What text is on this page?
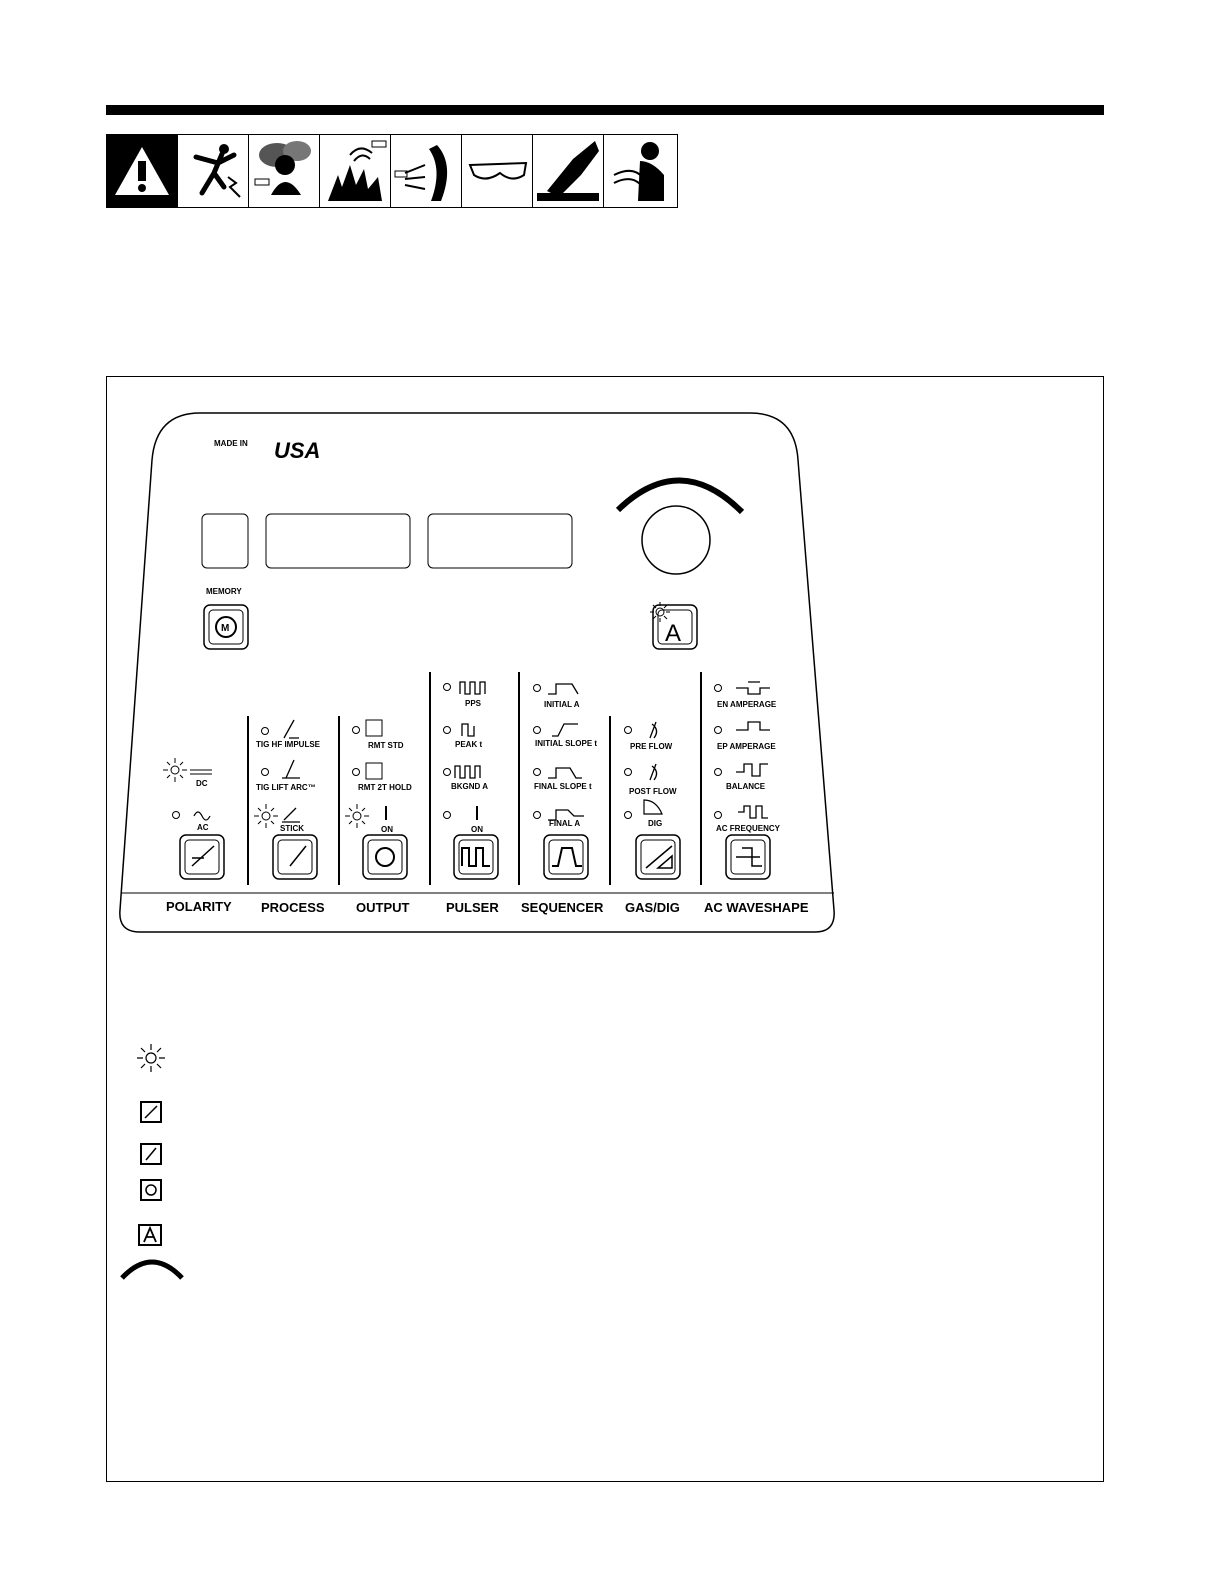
MADE IN USA
MEMORY
M	A
DC
AC
TIG HF IMPULSE
TIG LIFT ARC™
STICK
RMT STD
RMT 2T HOLD
ON
PPS
PEAK t
BKGND A
ON
INITIAL A
INITIAL SLOPE t
FINAL SLOPE t
FINAL A
PRE FLOW
POST FLOW
DIG
EN AMPERAGE
EP AMPERAGE
BALANCE
AC FREQUENCY
POLARITY PROCESS OUTPUT	PULSER SEQUENCER GAS/DIG AC WAVESHAPE
